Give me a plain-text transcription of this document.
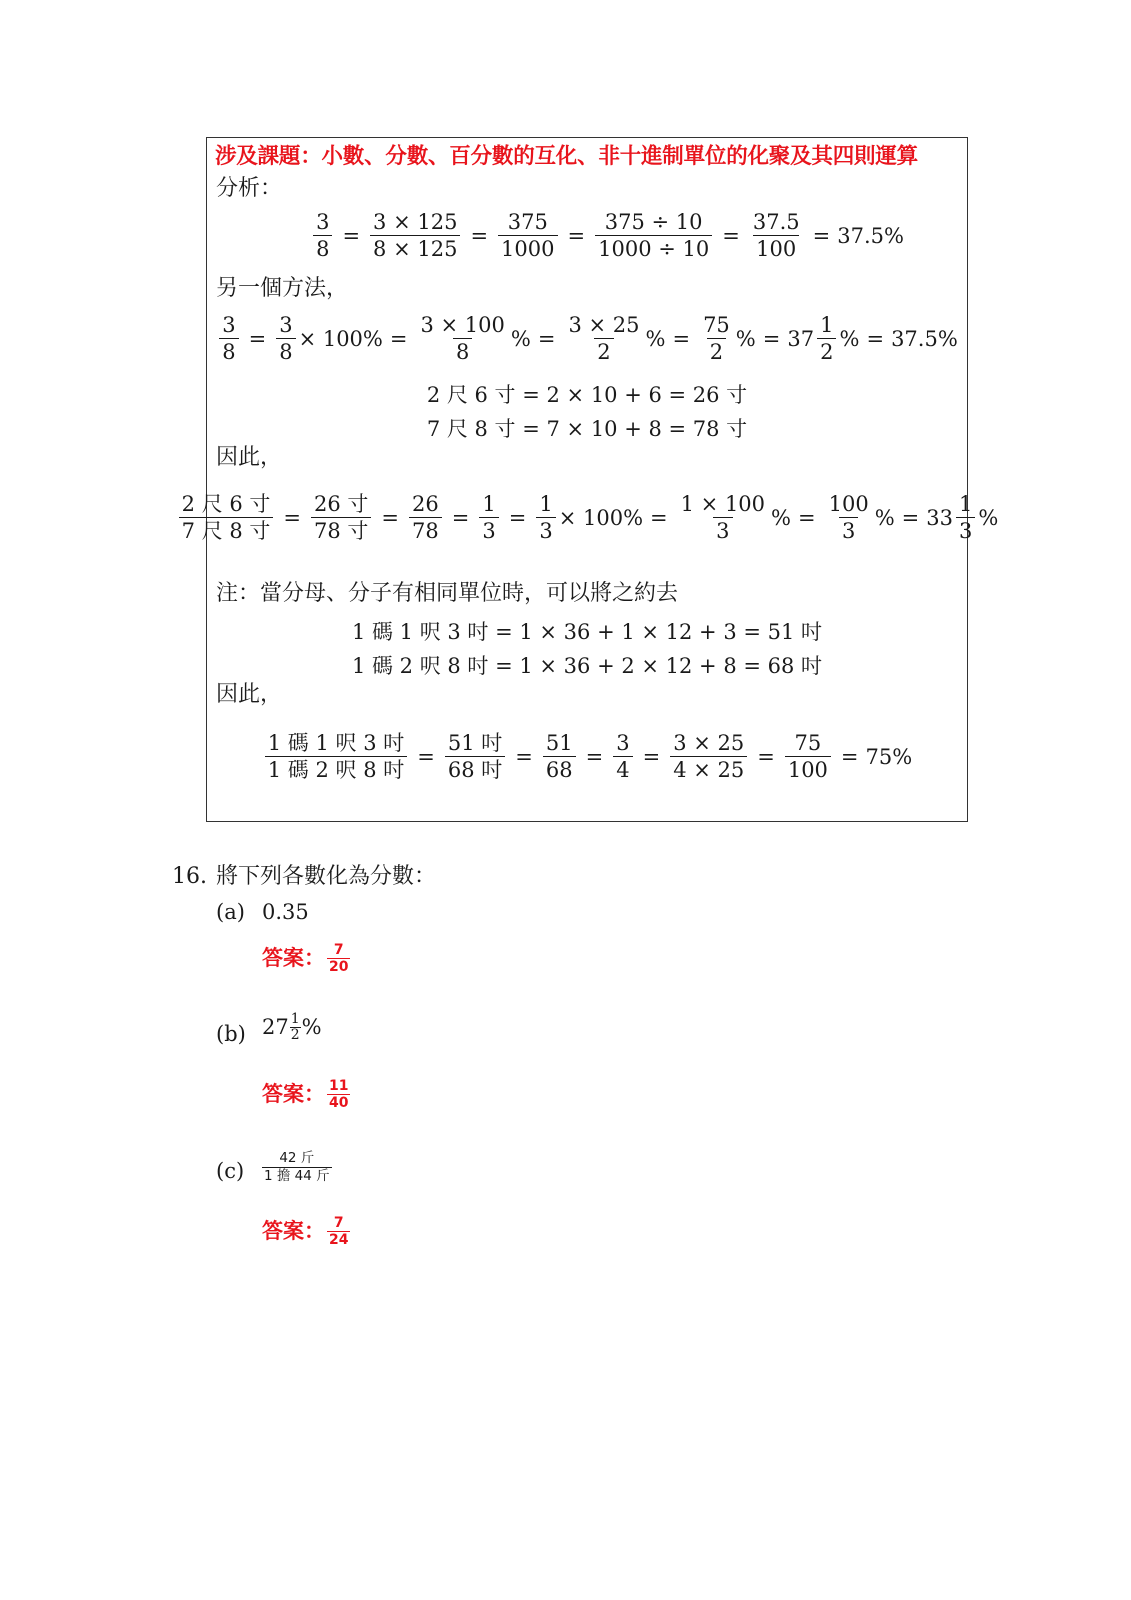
涉及課題：小數、分數、百分數的互化、非十進制單位的化聚及其四則運算
分析：
$\frac{3}{8} = \frac{3 \times 125}{8 \times 125} = \frac{375}{1000} = \frac{375 \div 10}{1000 \div 10} = \frac{37.5}{100} = 37.5\%$
另一個方法，
$\frac{3}{8} = \frac{3}{8} \times 100\% = \frac{3 \times 100}{8}$ % = $\frac{3 \times 25}{2}$ % = $\frac{75}{2}$ % = $37 \frac{1}{2}$ % = 37.5%
2 尺 6 寸 = 2 × 10 + 6 = 26 寸
7 尺 8 寸 = 7 × 10 + 8 = 78 寸
因此，
$\frac{\text{2 尺 6 寸}}{\text{7 尺 8 寸}} = \frac{\text{26 寸}}{\text{78 寸}} = \frac{26}{78} = \frac{1}{3} = \frac{1}{3} \times 100\% = \frac{1 \times 100}{3}$ % = $\frac{100}{3}$ % = $33 \frac{1}{3}$ %
注：當分母、分子有相同單位時，可以將之約去
1 碼 1 呎 3 吋 = 1 × 36 + 1 × 12 + 3 = 51 吋
1 碼 2 呎 8 吋 = 1 × 36 + 2 × 12 + 8 = 68 吋
因此，
$\frac{\text{1 碼 1 呎 3 吋}}{\text{1 碼 2 呎 8 吋}} = \frac{\text{51 吋}}{\text{68 吋}} = \frac{51}{68} = \frac{3}{4} = \frac{3 \times 25}{4 \times 25} = \frac{75}{100} = 75\%$
16. 將下列各數化為分數：
(a) 0.35
答案： 7
20
(b) 27 1
2 %
答案： 11
40
(c)
42 斤
1 擔 44 斤
答案： 7
24
